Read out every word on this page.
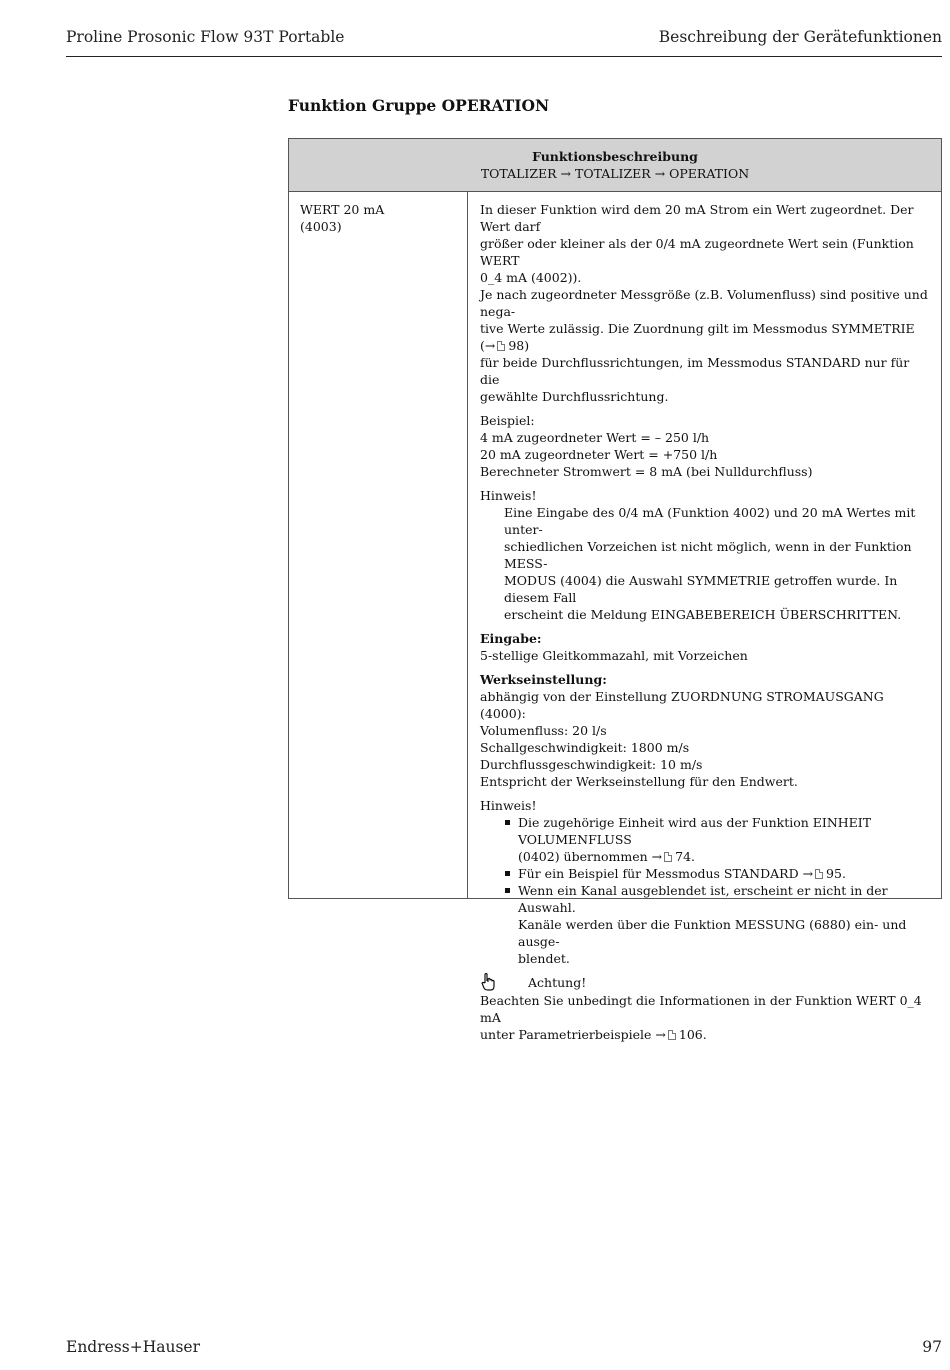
Proline Prosonic Flow 93T Portable	Beschreibung der Gerätefunktionen
Funktion Gruppe OPERATION
Funktionsbeschreibung
TOTALIZER → TOTALIZER → OPERATION
WERT 20 mA
(4003)

In dieser Funktion wird dem 20 mA Strom ein Wert zugeordnet. Der Wert darf

größer oder kleiner als der 0/4 mA zugeordnete Wert sein (Funktion WERT

0_4 mA (4002)).

Je nach zugeordneter Messgröße (z.B. Volumenfluss) sind positive und nega-

tive Werte zulässig. Die Zuordnung gilt im Messmodus SYMMETRIE (→ 98)

für beide Durchflussrichtungen, im Messmodus STANDARD nur für die

gewählte Durchflussrichtung.

Beispiel:

4 mA zugeordneter Wert = – 250 l/h

20 mA zugeordneter Wert = +750 l/h

Berechneter Stromwert = 8 mA (bei Nulldurchfluss)

Hinweis!

Eine Eingabe des 0/4 mA (Funktion 4002) und 20 mA Wertes mit unter-

schiedlichen Vorzeichen ist nicht möglich, wenn in der Funktion MESS-

MODUS (4004) die Auswahl SYMMETRIE getroffen wurde. In diesem Fall

erscheint die Meldung EINGABEBEREICH ÜBERSCHRITTEN.

Eingabe:

5-stellige Gleitkommazahl, mit Vorzeichen

Werkseinstellung:

abhängig von der Einstellung ZUORDNUNG STROMAUSGANG (4000):

Volumenfluss: 20 l/s

Schallgeschwindigkeit: 1800 m/s

Durchflussgeschwindigkeit: 10 m/s

Entspricht der Werkseinstellung für den Endwert.

Hinweis!

Die zugehörige Einheit wird aus der Funktion EINHEIT VOLUMENFLUSS
(0402) übernommen → 74.
Für ein Beispiel für Messmodus STANDARD → 95.
Wenn ein Kanal ausgeblendet ist, erscheint er nicht in der Auswahl.
Kanäle werden über die Funktion MESSUNG (6880) ein- und ausge-
blendet.
Achtung!

Beachten Sie unbedingt die Informationen in der Funktion WERT 0_4 mA

unter Parametrierbeispiele → 106.

Endress+Hauser	97
